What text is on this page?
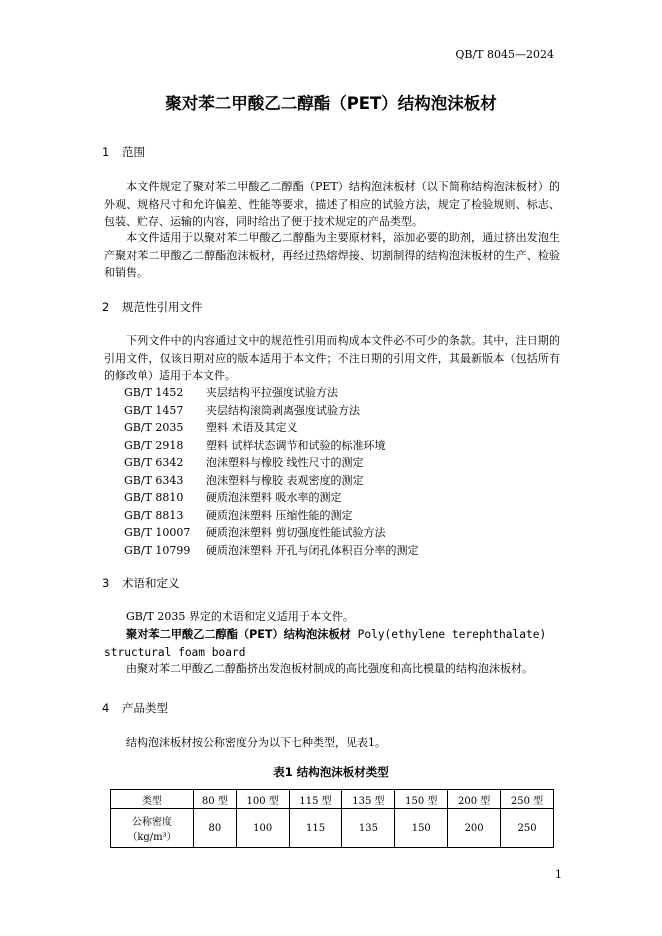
QB/T 8045—2024
聚对苯二甲酸乙二醇酯（PET）结构泡沫板材
1 范围
本文件规定了聚对苯二甲酸乙二醇酯（PET）结构泡沫板材（以下简称结构泡沫板材）的外观、规格尺寸和允许偏差、性能等要求，描述了相应的试验方法，规定了检验规则、标志、包装、贮存、运输的内容，同时给出了便于技术规定的产品类型。
本文件适用于以聚对苯二甲酸乙二醇酯为主要原材料，添加必要的助剂，通过挤出发泡生产聚对苯二甲酸乙二醇酯泡沫板材，再经过热熔焊接、切割制得的结构泡沫板材的生产、检验和销售。
2 规范性引用文件
下列文件中的内容通过文中的规范性引用而构成本文件必不可少的条款。其中，注日期的引用文件，仅该日期对应的版本适用于本文件；不注日期的引用文件，其最新版本（包括所有的修改单）适用于本文件。
GB/T 1452 夹层结构平拉强度试验方法
GB/T 1457 夹层结构滚筒剥离强度试验方法
GB/T 2035 塑料 术语及其定义
GB/T 2918 塑料 试样状态调节和试验的标准环境
GB/T 6342 泡沫塑料与橡胶 线性尺寸的测定
GB/T 6343 泡沫塑料与橡胶 表观密度的测定
GB/T 8810 硬质泡沫塑料 吸水率的测定
GB/T 8813 硬质泡沫塑料 压缩性能的测定
GB/T 10007 硬质泡沫塑料 剪切强度性能试验方法
GB/T 10799 硬质泡沫塑料 开孔与闭孔体积百分率的测定
3 术语和定义
GB/T 2035 界定的术语和定义适用于本文件。
聚对苯二甲酸乙二醇酯（PET）结构泡沫板材 Poly(ethylene terephthalate)
structural foam board
由聚对苯二甲酸乙二醇酯挤出发泡板材制成的高比强度和高比模量的结构泡沫板材。
4 产品类型
结构泡沫板材按公称密度分为以下七种类型，见表1。
表1 结构泡沫板材类型
类型	80 型	100 型	115 型	135 型	150 型	200 型	250 型

公称密度
（kg/m³）	80	100	115	135	150	200	250
1
